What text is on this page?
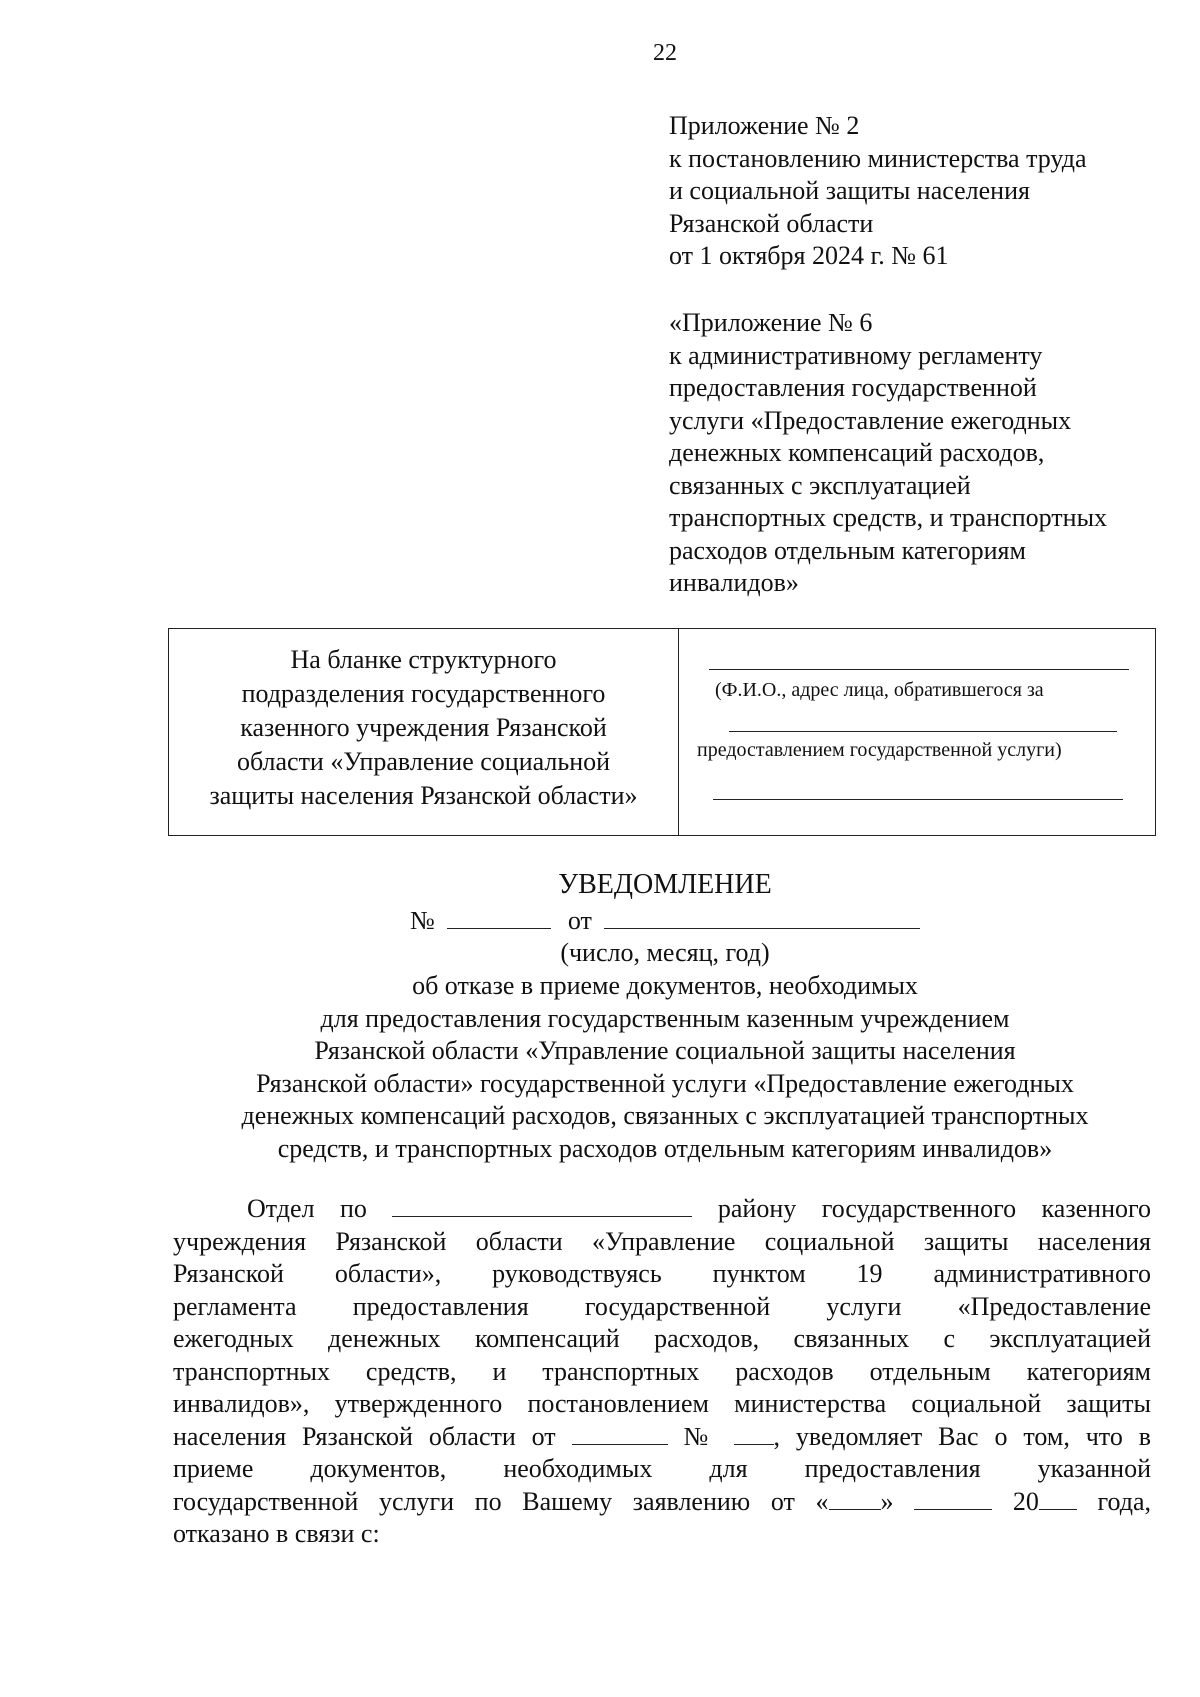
22
Приложение № 2
к постановлению министерства труда
и социальной защиты населения
Рязанской области
от 1 октября 2024 г. № 61
«Приложение № 6
к административному регламенту
предоставления государственной
услуги «Предоставление ежегодных
денежных компенсаций расходов,
связанных с эксплуатацией
транспортных средств, и транспортных
расходов отдельным категориям
инвалидов»
На бланке структурного
подразделения государственного
казенного учреждения Рязанской
области «Управление социальной
защиты населения Рязанской области»
(Ф.И.О., адрес лица, обратившегося за
предоставлением государственной услуги)
УВЕДОМЛЕНИЕ
№	от
(число, месяц, год)
об отказе в приеме документов, необходимых
для предоставления государственным казенным учреждением
Рязанской области «Управление социальной защиты населения
Рязанской области» государственной услуги «Предоставление ежегодных
денежных компенсаций расходов, связанных с эксплуатацией транспортных
средств, и транспортных расходов отдельным категориям инвалидов»
Отдел по	району государственного казенного
учреждения Рязанской области «Управление социальной защиты населения
Рязанской области», руководствуясь пунктом 19 административного
регламента предоставления государственной услуги «Предоставление
ежегодных денежных компенсаций расходов, связанных с эксплуатацией
транспортных средств, и транспортных расходов отдельным категориям
инвалидов», утвержденного постановлением министерства социальной защиты
населения Рязанской области от	№ , уведомляет Вас о том, что в
приеме документов, необходимых для предоставления указанной
государственной услуги по Вашему заявлению от « »	20 года,
отказано в связи с:
